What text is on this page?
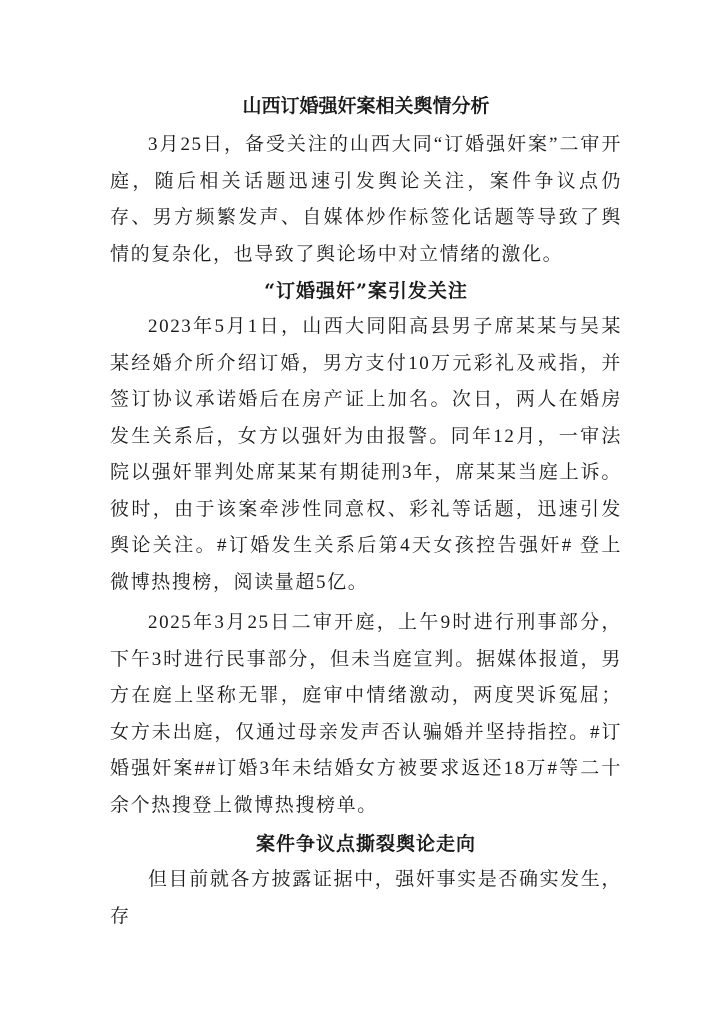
山西订婚强奸案相关舆情分析

3月25日，备受关注的山西大同“订婚强奸案”二审开庭，随后相关话题迅速引发舆论关注，案件争议点仍存、男方频繁发声、自媒体炒作标签化话题等导致了舆情的复杂化，也导致了舆论场中对立情绪的激化。

“订婚强奸”案引发关注

2023年5月1日，山西大同阳高县男子席某某与吴某某经婚介所介绍订婚，男方支付10万元彩礼及戒指，并签订协议承诺婚后在房产证上加名。次日，两人在婚房发生关系后，女方以强奸为由报警。同年12月，一审法院以强奸罪判处席某某有期徒刑3年，席某某当庭上诉。彼时，由于该案牵涉性同意权、彩礼等话题，迅速引发舆论关注。#订婚发生关系后第4天女孩控告强奸# 登上微博热搜榜，阅读量超5亿。

2025年3月25日二审开庭，上午9时进行刑事部分，下午3时进行民事部分，但未当庭宣判。据媒体报道，男方在庭上坚称无罪，庭审中情绪激动，两度哭诉冤屈；女方未出庭，仅通过母亲发声否认骗婚并坚持指控。#订婚强奸案##订婚3年未结婚女方被要求返还18万#等二十余个热搜登上微博热搜榜单。

案件争议点撕裂舆论走向

但目前就各方披露证据中，强奸事实是否确实发生，存
